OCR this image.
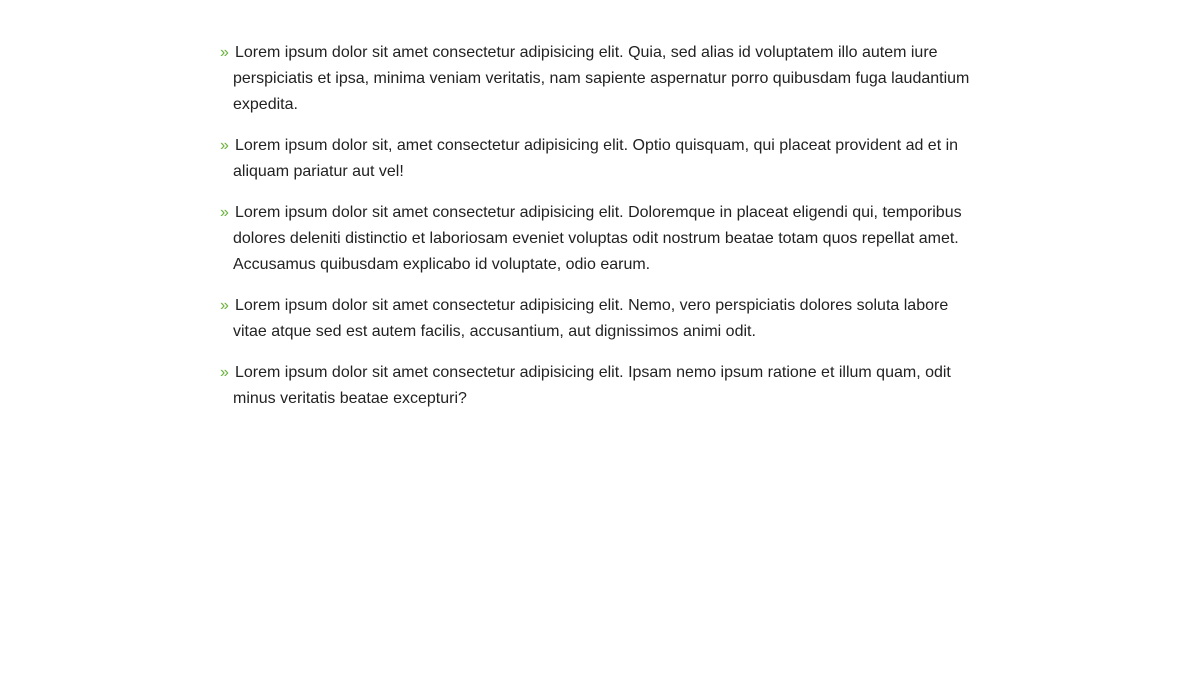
» Lorem ipsum dolor sit amet consectetur adipisicing elit. Quia, sed alias id voluptatem illo autem iure perspiciatis et ipsa, minima veniam veritatis, nam sapiente aspernatur porro quibusdam fuga laudantium expedita.
» Lorem ipsum dolor sit, amet consectetur adipisicing elit. Optio quisquam, qui placeat provident ad et in aliquam pariatur aut vel!
» Lorem ipsum dolor sit amet consectetur adipisicing elit. Doloremque in placeat eligendi qui, temporibus dolores deleniti distinctio et laboriosam eveniet voluptas odit nostrum beatae totam quos repellat amet. Accusamus quibusdam explicabo id voluptate, odio earum.
» Lorem ipsum dolor sit amet consectetur adipisicing elit. Nemo, vero perspiciatis dolores soluta labore vitae atque sed est autem facilis, accusantium, aut dignissimos animi odit.
» Lorem ipsum dolor sit amet consectetur adipisicing elit. Ipsam nemo ipsum ratione et illum quam, odit minus veritatis beatae excepturi?
